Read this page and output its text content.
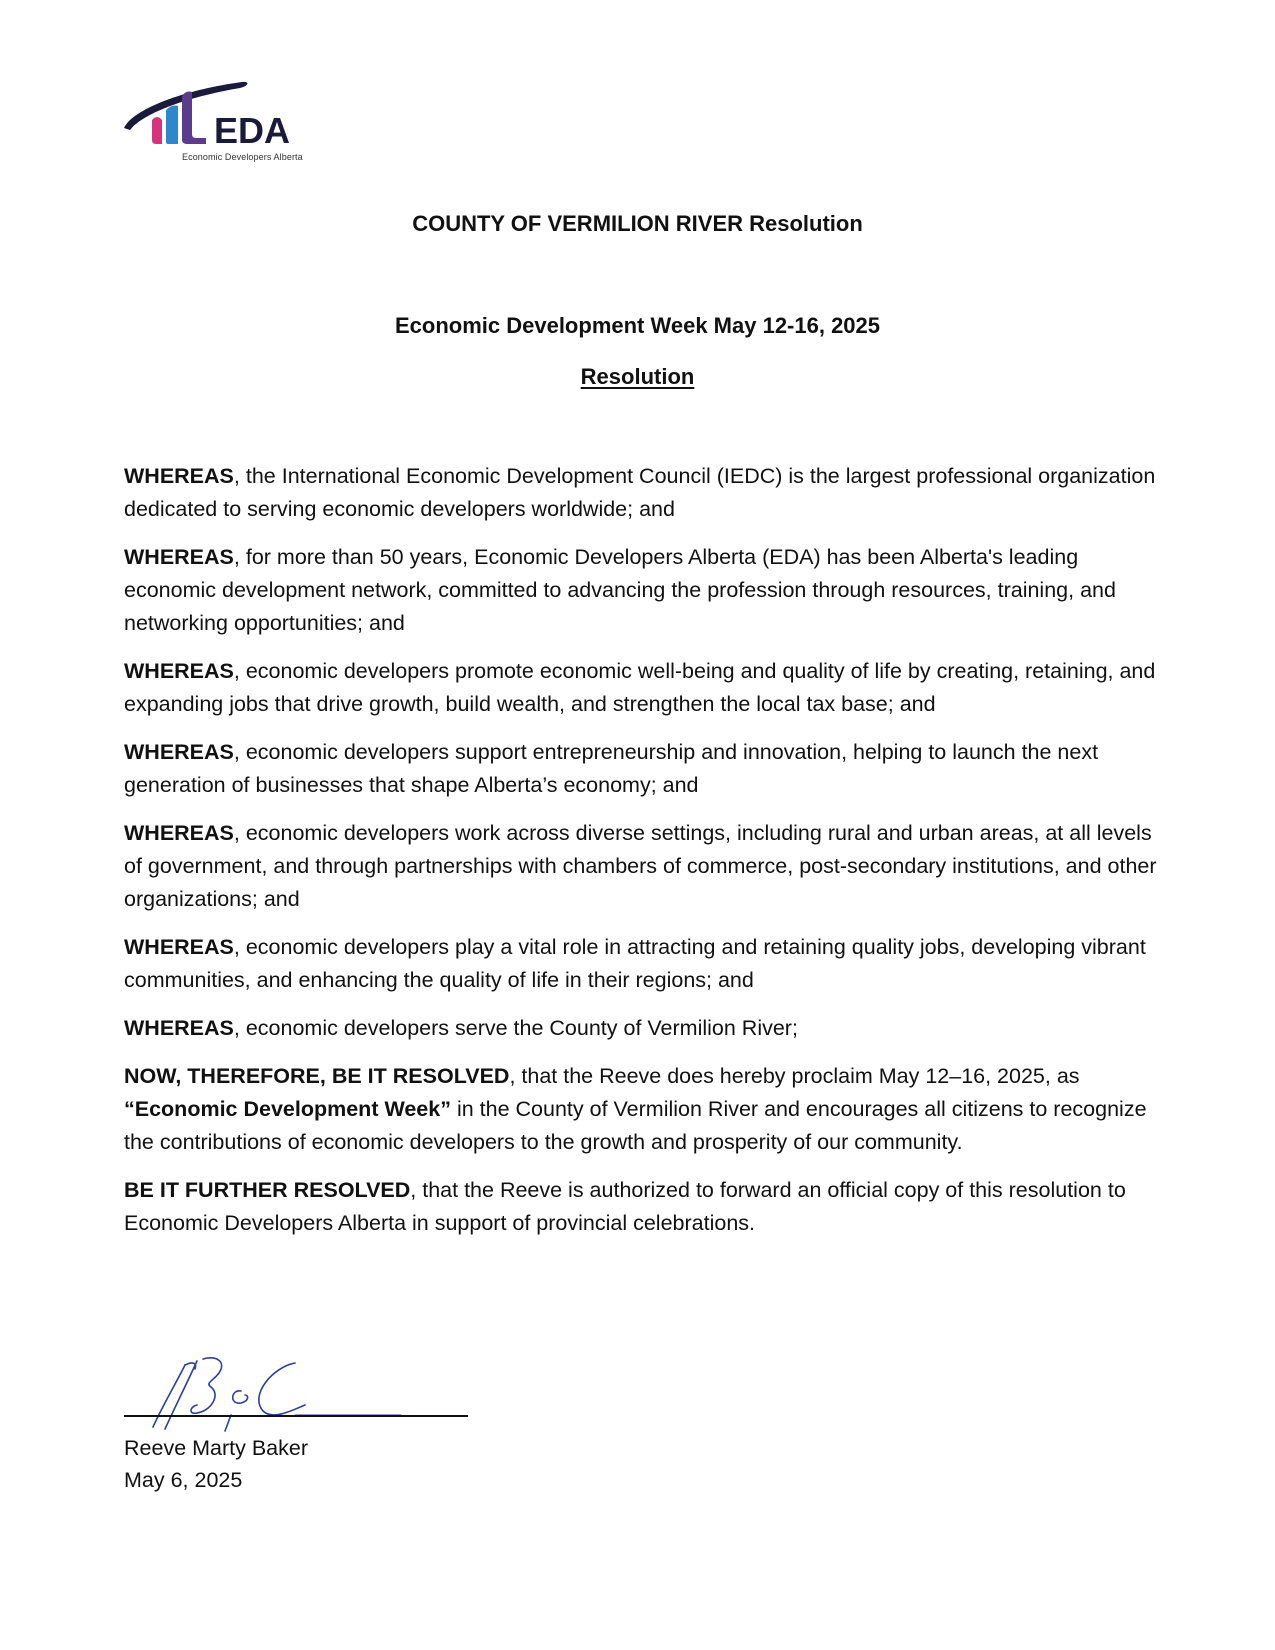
EDA
Economic Developers Alberta
COUNTY OF VERMILION RIVER Resolution
Economic Development Week May 12-16, 2025
Resolution

WHEREAS, the International Economic Development Council (IEDC) is the largest professional organization dedicated to serving economic developers worldwide; and

WHEREAS, for more than 50 years, Economic Developers Alberta (EDA) has been Alberta's leading economic development network, committed to advancing the profession through resources, training, and networking opportunities; and

WHEREAS, economic developers promote economic well-being and quality of life by creating, retaining, and expanding jobs that drive growth, build wealth, and strengthen the local tax base; and

WHEREAS, economic developers support entrepreneurship and innovation, helping to launch the next generation of businesses that shape Alberta’s economy; and

WHEREAS, economic developers work across diverse settings, including rural and urban areas, at all levels of government, and through partnerships with chambers of commerce, post-secondary institutions, and other organizations; and

WHEREAS, economic developers play a vital role in attracting and retaining quality jobs, developing vibrant communities, and enhancing the quality of life in their regions; and

WHEREAS, economic developers serve the County of Vermilion River;

NOW, THEREFORE, BE IT RESOLVED, that the Reeve does hereby proclaim May 12–16, 2025, as “Economic Development Week” in the County of Vermilion River and encourages all citizens to recognize the contributions of economic developers to the growth and prosperity of our community.

BE IT FURTHER RESOLVED, that the Reeve is authorized to forward an official copy of this resolution to Economic Developers Alberta in support of provincial celebrations.

Reeve Marty Baker
May 6, 2025
